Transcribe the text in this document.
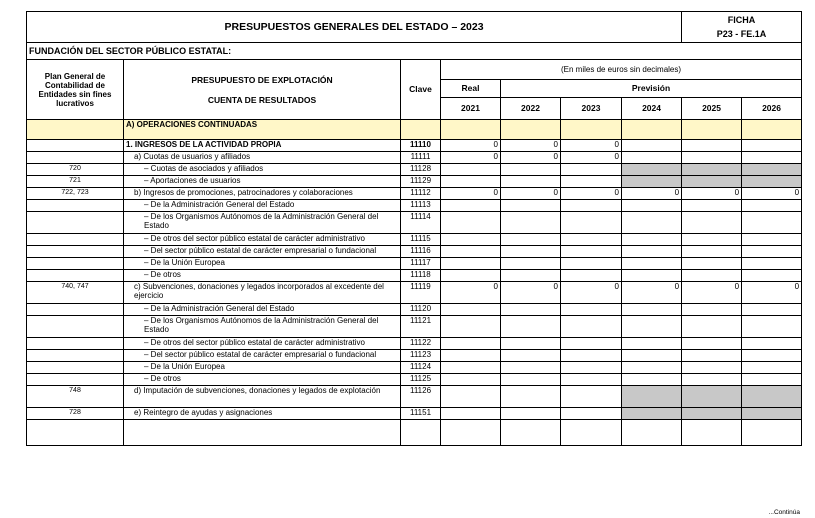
PRESUPUESTOS GENERALES DEL ESTADO – 2023							FICHA
P23 - FE.1A	

FUNDACIÓN DEL SECTOR PÚBLICO ESTATAL:								
Plan General de Contabilidad de Entidades sin fines lucrativos	PRESUPUESTO DE EXPLOTACIÓN
CUENTA DE RESULTADOS	Clave	(En miles de euros sin decimales)					
			Real	Previsión				
			2021	2022	2023	2024	2025	2026
	A) OPERACIONES CONTINUADAS							
	1. INGRESOS DE LA ACTIVIDAD PROPIA	11110	0	0	0			
	a) Cuotas de usuarios y afiliados	11111	0	0	0			
720	– Cuotas de asociados y afiliados	11128						
721	– Aportaciones de usuarios	11129						
722, 723	b) Ingresos de promociones, patrocinadores y colaboraciones	11112	0	0	0	0	0	0
	– De la Administración General del Estado	11113						
	– De los Organismos Autónomos de la Administración General del Estado	11114						
	– De otros del sector público estatal de carácter administrativo	11115						
	– Del sector público estatal de carácter empresarial o fundacional	11116						
	– De la Unión Europea	11117						
	– De otros	11118						
740, 747	c) Subvenciones, donaciones y legados incorporados al excedente del ejercicio	11119	0	0	0	0	0	0
	– De la Administración General del Estado	11120						
	– De los Organismos Autónomos de la Administración General del Estado	11121						
	– De otros del sector público estatal de carácter administrativo	11122						
	– Del sector público estatal de carácter empresarial o fundacional	11123						
	– De la Unión Europea	11124						
	– De otros	11125						
748	d) Imputación de subvenciones, donaciones y legados de explotación	11126						
728	e) Reintegro de ayudas y asignaciones	11151						

...Continúa
